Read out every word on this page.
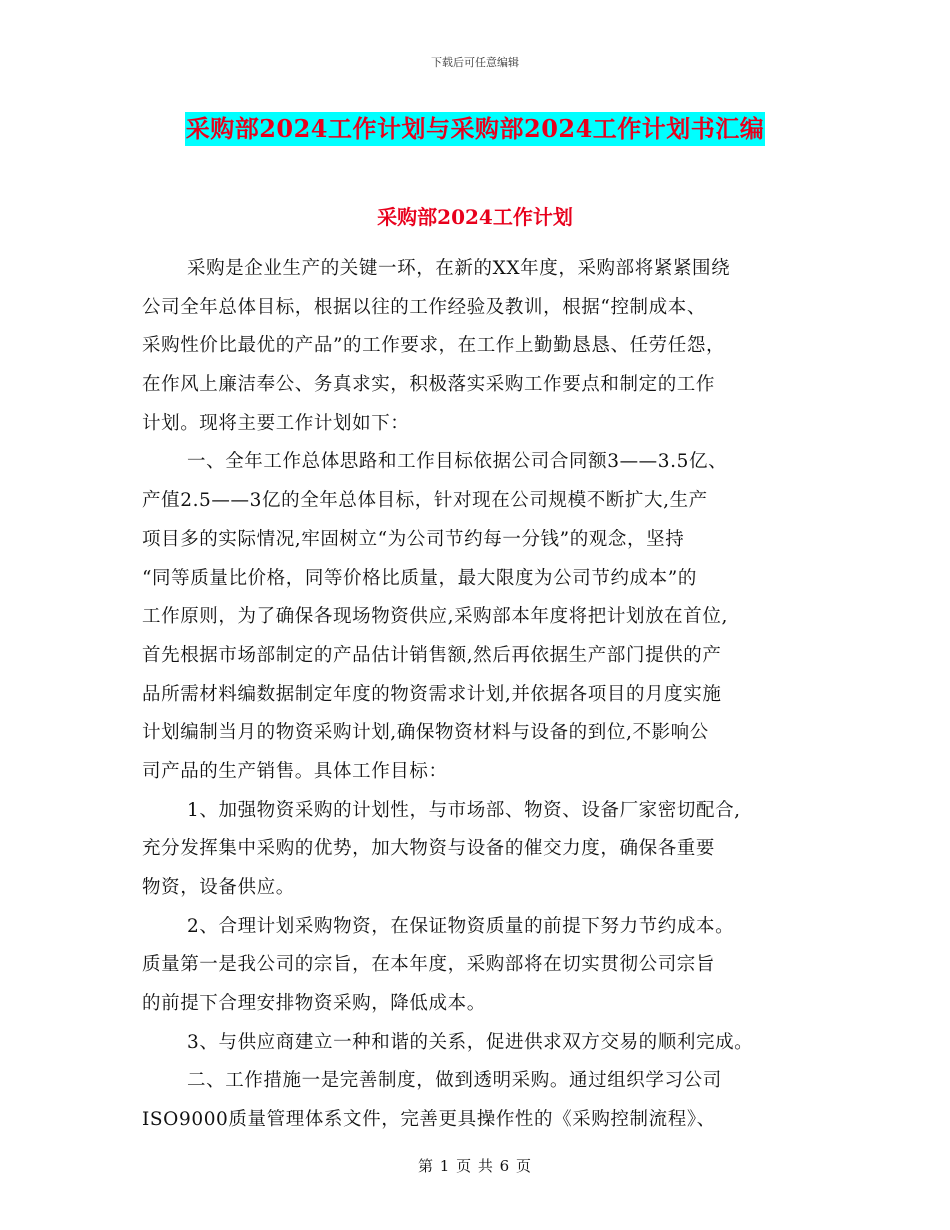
下载后可任意编辑
采购部2024工作计划与采购部2024工作计划书汇编
采购部2024工作计划
采购是企业生产的关键一环，在新的XX年度，采购部将紧紧围绕
公司全年总体目标，根据以往的工作经验及教训，根据“控制成本、
采购性价比最优的产品”的工作要求，在工作上勤勤恳恳、任劳任怨，
在作风上廉洁奉公、务真求实，积极落实采购工作要点和制定的工作
计划。现将主要工作计划如下：
一、全年工作总体思路和工作目标依据公司合同额3——3.5亿、
产值2.5——3亿的全年总体目标，针对现在公司规模不断扩大,生产
项目多的实际情况,牢固树立“为公司节约每一分钱”的观念，坚持
“同等质量比价格，同等价格比质量，最大限度为公司节约成本”的
工作原则，为了确保各现场物资供应,采购部本年度将把计划放在首位,
首先根据市场部制定的产品估计销售额,然后再依据生产部门提供的产
品所需材料编数据制定年度的物资需求计划,并依据各项目的月度实施
计划编制当月的物资采购计划,确保物资材料与设备的到位,不影响公
司产品的生产销售。具体工作目标：
1、加强物资采购的计划性，与市场部、物资、设备厂家密切配合,
充分发挥集中采购的优势，加大物资与设备的催交力度，确保各重要
物资，设备供应。
2、合理计划采购物资，在保证物资质量的前提下努力节约成本。
质量第一是我公司的宗旨，在本年度，采购部将在切实贯彻公司宗旨
的前提下合理安排物资采购，降低成本。
3、与供应商建立一种和谐的关系，促进供求双方交易的顺利完成。
二、工作措施一是完善制度，做到透明采购。通过组织学习公司
ISO9000质量管理体系文件，完善更具操作性的《采购控制流程》、
第 1 页 共 6 页
